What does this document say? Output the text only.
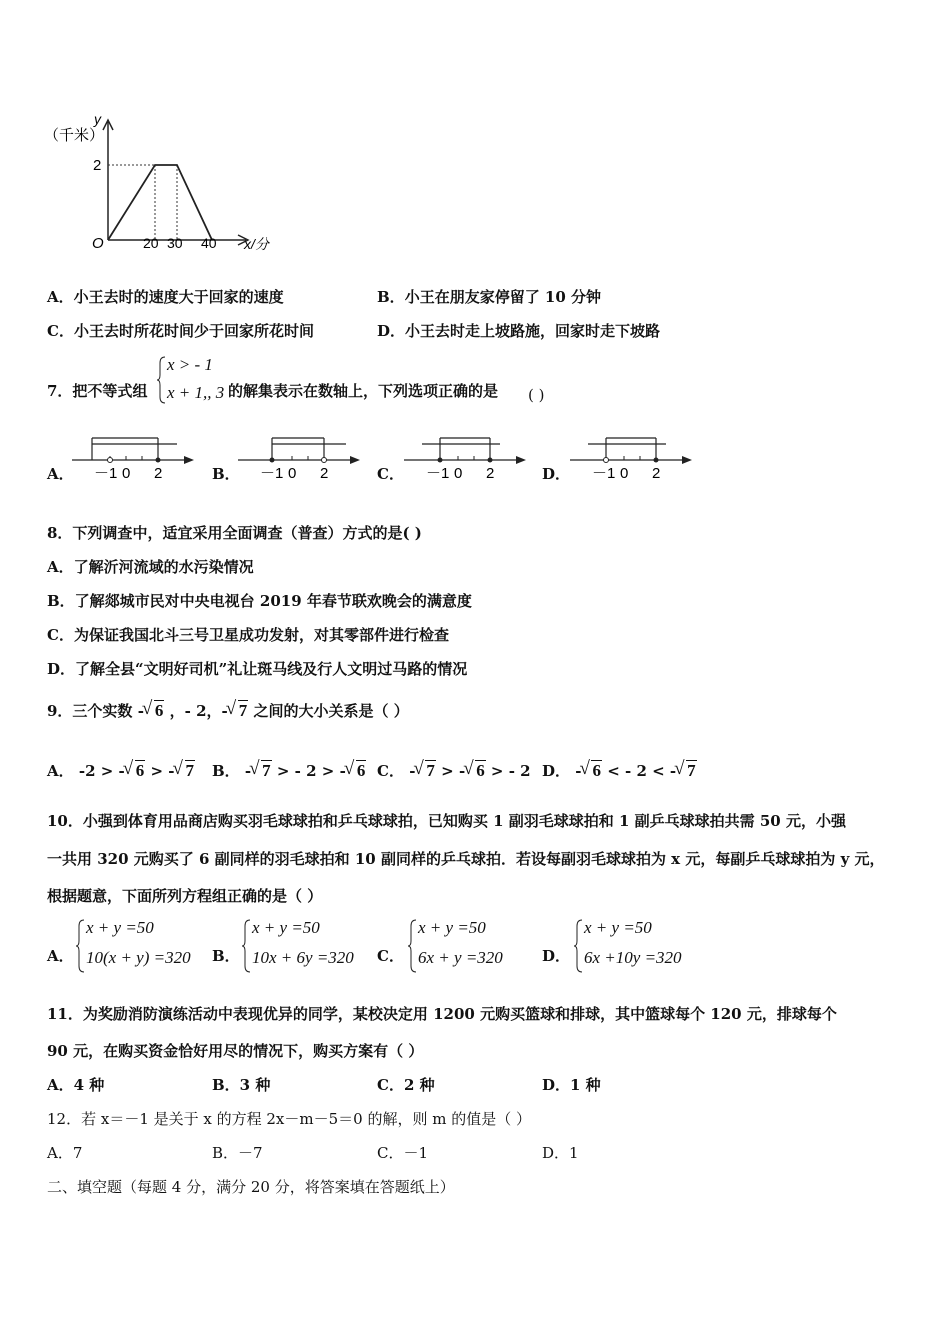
y
（千米）
2
O	20 30 40 x/分
A．小王去时的速度大于回家的速度	B．小王在朋友家停留了 10 分钟
C．小王去时所花时间少于回家所花时间	D．小王去时走上坡路施，回家时走下坡路
7．把不等式组
x > - 1
x + 1,, 3 的解集表示在数轴上，下列选项正确的是 ( )
A． －1 0 2	B． －1 0 2	C． －1 0 2	D． －1 0 2
8．下列调查中，适宜采用全面调查（普查）方式的是( )
A．了解沂河流域的水污染情况
B．了解郯城市民对中央电视台 2019 年春节联欢晚会的满意度
C．为保证我国北斗三号卫星成功发射，对其零部件进行检查
D．了解全县“文明好司机”礼让斑马线及行人文明过马路的情况
9．三个实数 - √ 6 ，- 2，- √ 7 之间的大小关系是（ ）
A． -2 > - √ 6 > - √ 7 B． - √ 7 > - 2 > - √ 6 C． - √ 7 > - √ 6 > - 2 D． - √ 6 < - 2 < - √ 7
10．小强到体育用品商店购买羽毛球球拍和乒乓球球拍，已知购买 1 副羽毛球球拍和 1 副乒乓球球拍共需 50 元，小强
一共用 320 元购买了 6 副同样的羽毛球拍和 10 副同样的乒乓球拍．若设每副羽毛球球拍为 x 元，每副乒乓球球拍为 y 元，
根据题意，下面所列方程组正确的是（ ）
A．
x + y =50
10(x + y) =320 B．
x + y =50
10x + 6y =320 C．
x + y =50
6x + y =320	D．
x + y =50
6x +10y =320
11．为奖励消防演练活动中表现优异的同学，某校决定用 1200 元购买篮球和排球，其中篮球每个 120 元，排球每个
90 元，在购买资金恰好用尽的情况下，购买方案有（ ）
A．4 种	B．3 种	C．2 种	D．1 种
12．若 x＝－1 是关于 x 的方程 2x－m－5＝0 的解，则 m 的值是（ ）
A．7	B．－7	C．－1	D．1
二、填空题（每题 4 分，满分 20 分，将答案填在答题纸上）
